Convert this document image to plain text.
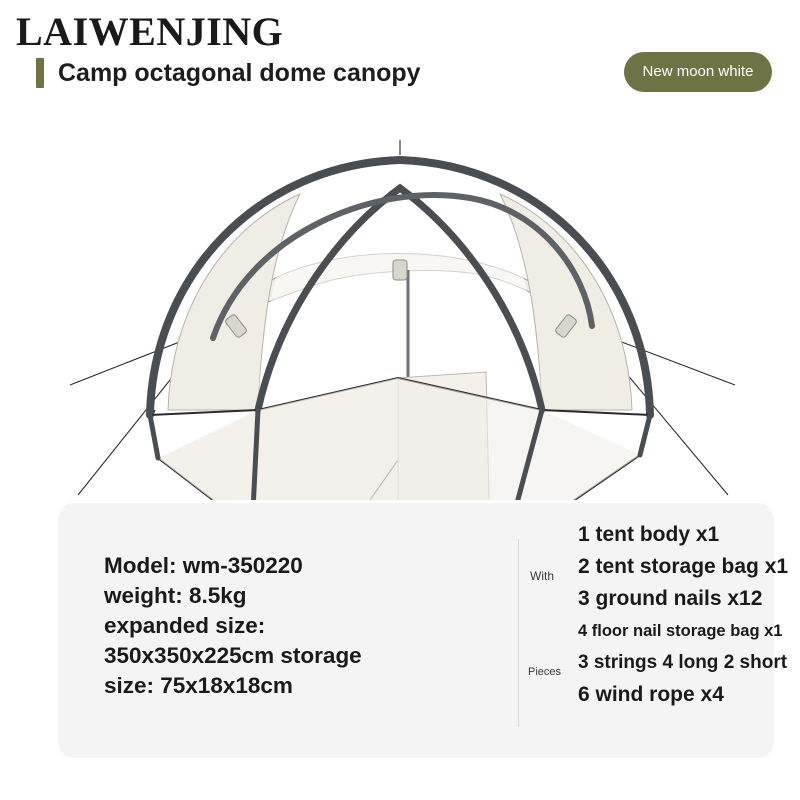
LAIWENJING
Camp octagonal dome canopy	New moon white
Model: wm-350220
weight: 8.5kg
expanded size:
350x350x225cm storage
size: 75x18x18cm
With
Pieces
1 tent body x1
2 tent storage bag x1
3 ground nails x12
4 floor nail storage bag x1
3 strings 4 long 2 short
6 wind rope x4
